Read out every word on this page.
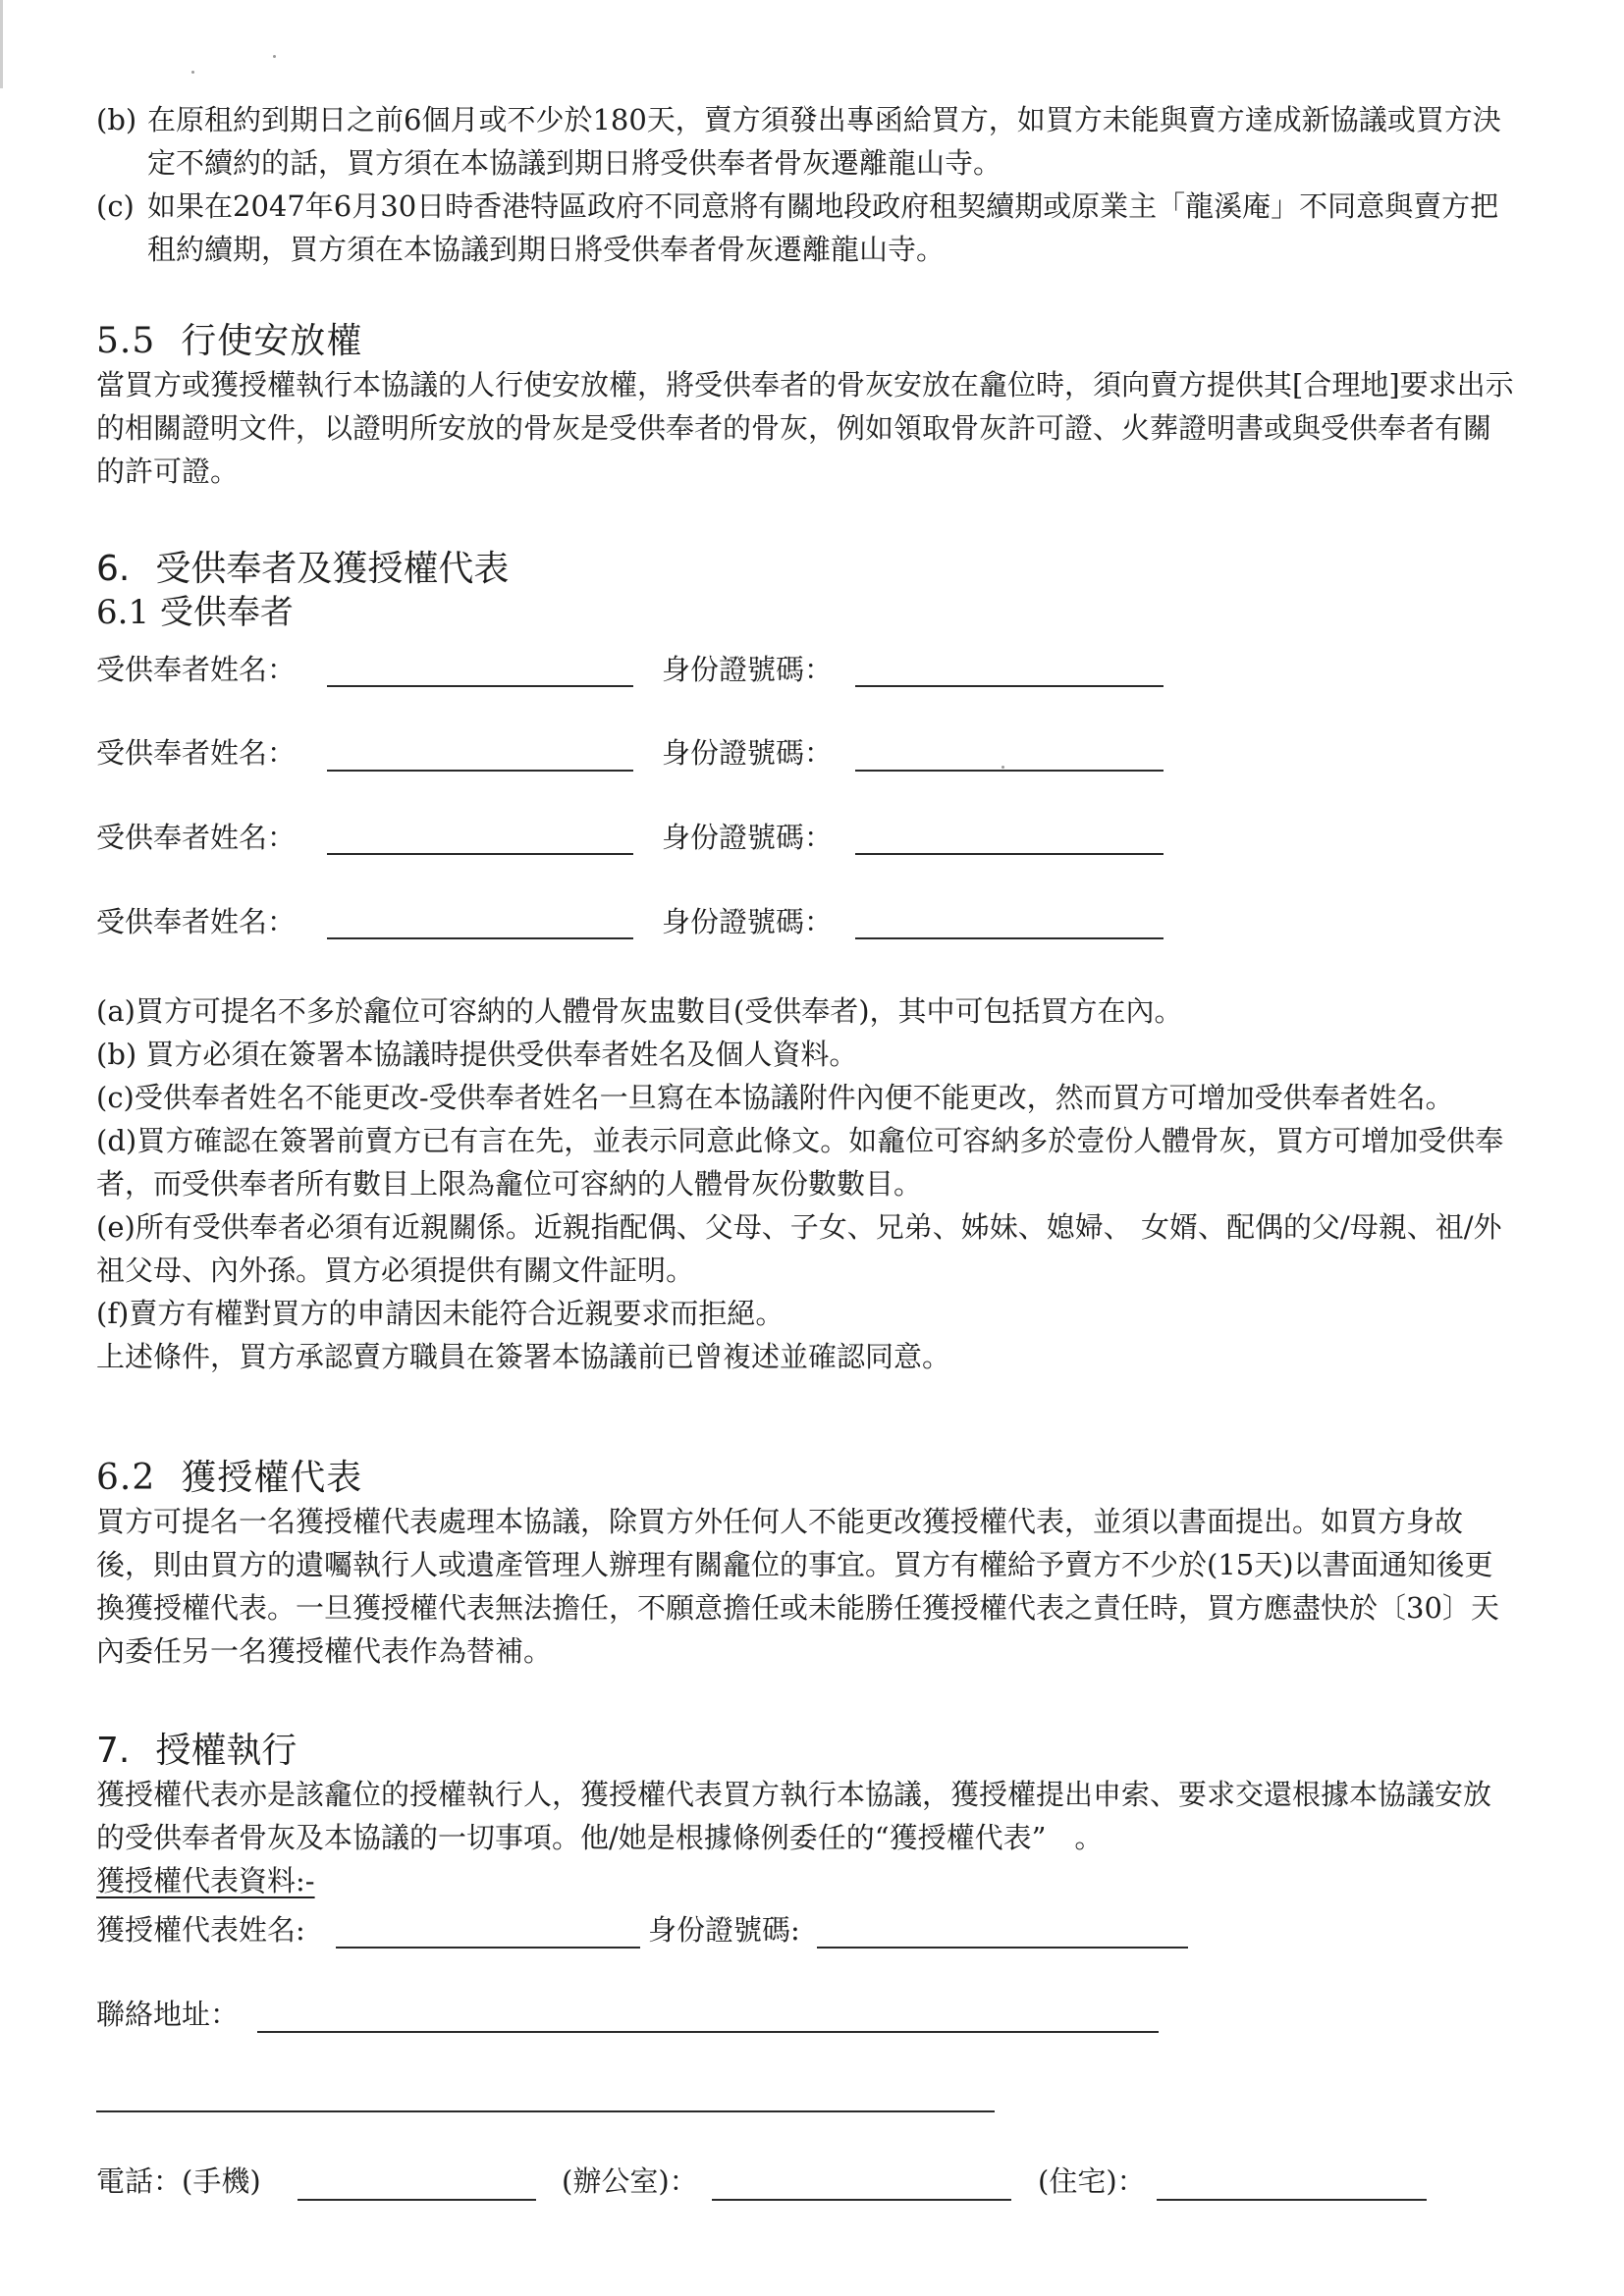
(b) 在原租約到期日之前6個月或不少於180天，賣方須發出專函給買方，如買方未能與賣方達成新協議或買方決定不續約的話，買方須在本協議到期日將受供奉者骨灰遷離龍山寺。

(c) 如果在2047年6月30日時香港特區政府不同意將有關地段政府租契續期或原業主「龍溪庵」不同意與賣方把租約續期，買方須在本協議到期日將受供奉者骨灰遷離龍山寺。

5.5 行使安放權

當買方或獲授權執行本協議的人行使安放權，將受供奉者的骨灰安放在龕位時，須向賣方提供其[合理地]要求出示的相關證明文件，以證明所安放的骨灰是受供奉者的骨灰，例如領取骨灰許可證、火葬證明書或與受供奉者有關的許可證。

6. 受供奉者及獲授權代表

6.1 受供奉者

受供奉者姓名：	身份證號碼：
受供奉者姓名：	身份證號碼：
受供奉者姓名：	身份證號碼：
受供奉者姓名：	身份證號碼：

(a)買方可提名不多於龕位可容納的人體骨灰盅數目(受供奉者)，其中可包括買方在內。

(b) 買方必須在簽署本協議時提供受供奉者姓名及個人資料。

(c)受供奉者姓名不能更改-受供奉者姓名一旦寫在本協議附件內便不能更改，然而買方可增加受供奉者姓名。

(d)買方確認在簽署前賣方已有言在先，並表示同意此條文。如龕位可容納多於壹份人體骨灰，買方可增加受供奉者，而受供奉者所有數目上限為龕位可容納的人體骨灰份數數目。

(e)所有受供奉者必須有近親關係。近親指配偶、父母、子女、兄弟、姊妹、媳婦、 女婿、配偶的父/母親、祖/外祖父母、內外孫。買方必須提供有關文件証明。

(f)賣方有權對買方的申請因未能符合近親要求而拒絕。

上述條件，買方承認賣方職員在簽署本協議前已曾複述並確認同意。

6.2 獲授權代表

買方可提名一名獲授權代表處理本協議，除買方外任何人不能更改獲授權代表，並須以書面提出。如買方身故後，則由買方的遺囑執行人或遺產管理人辦理有關龕位的事宜。買方有權給予賣方不少於(15天)以書面通知後更換獲授權代表。一旦獲授權代表無法擔任，不願意擔任或未能勝任獲授權代表之責任時，買方應盡快於〔30〕天內委任另一名獲授權代表作為替補。

7. 授權執行

獲授權代表亦是該龕位的授權執行人，獲授權代表買方執行本協議，獲授權提出申索、要求交還根據本協議安放的受供奉者骨灰及本協議的一切事項。他/她是根據條例委任的“獲授權代表”　。

獲授權代表資料:-

獲授權代表姓名:	身份證號碼:
聯絡地址：
電話：(手機)	(辦公室)：	(住宅)：
